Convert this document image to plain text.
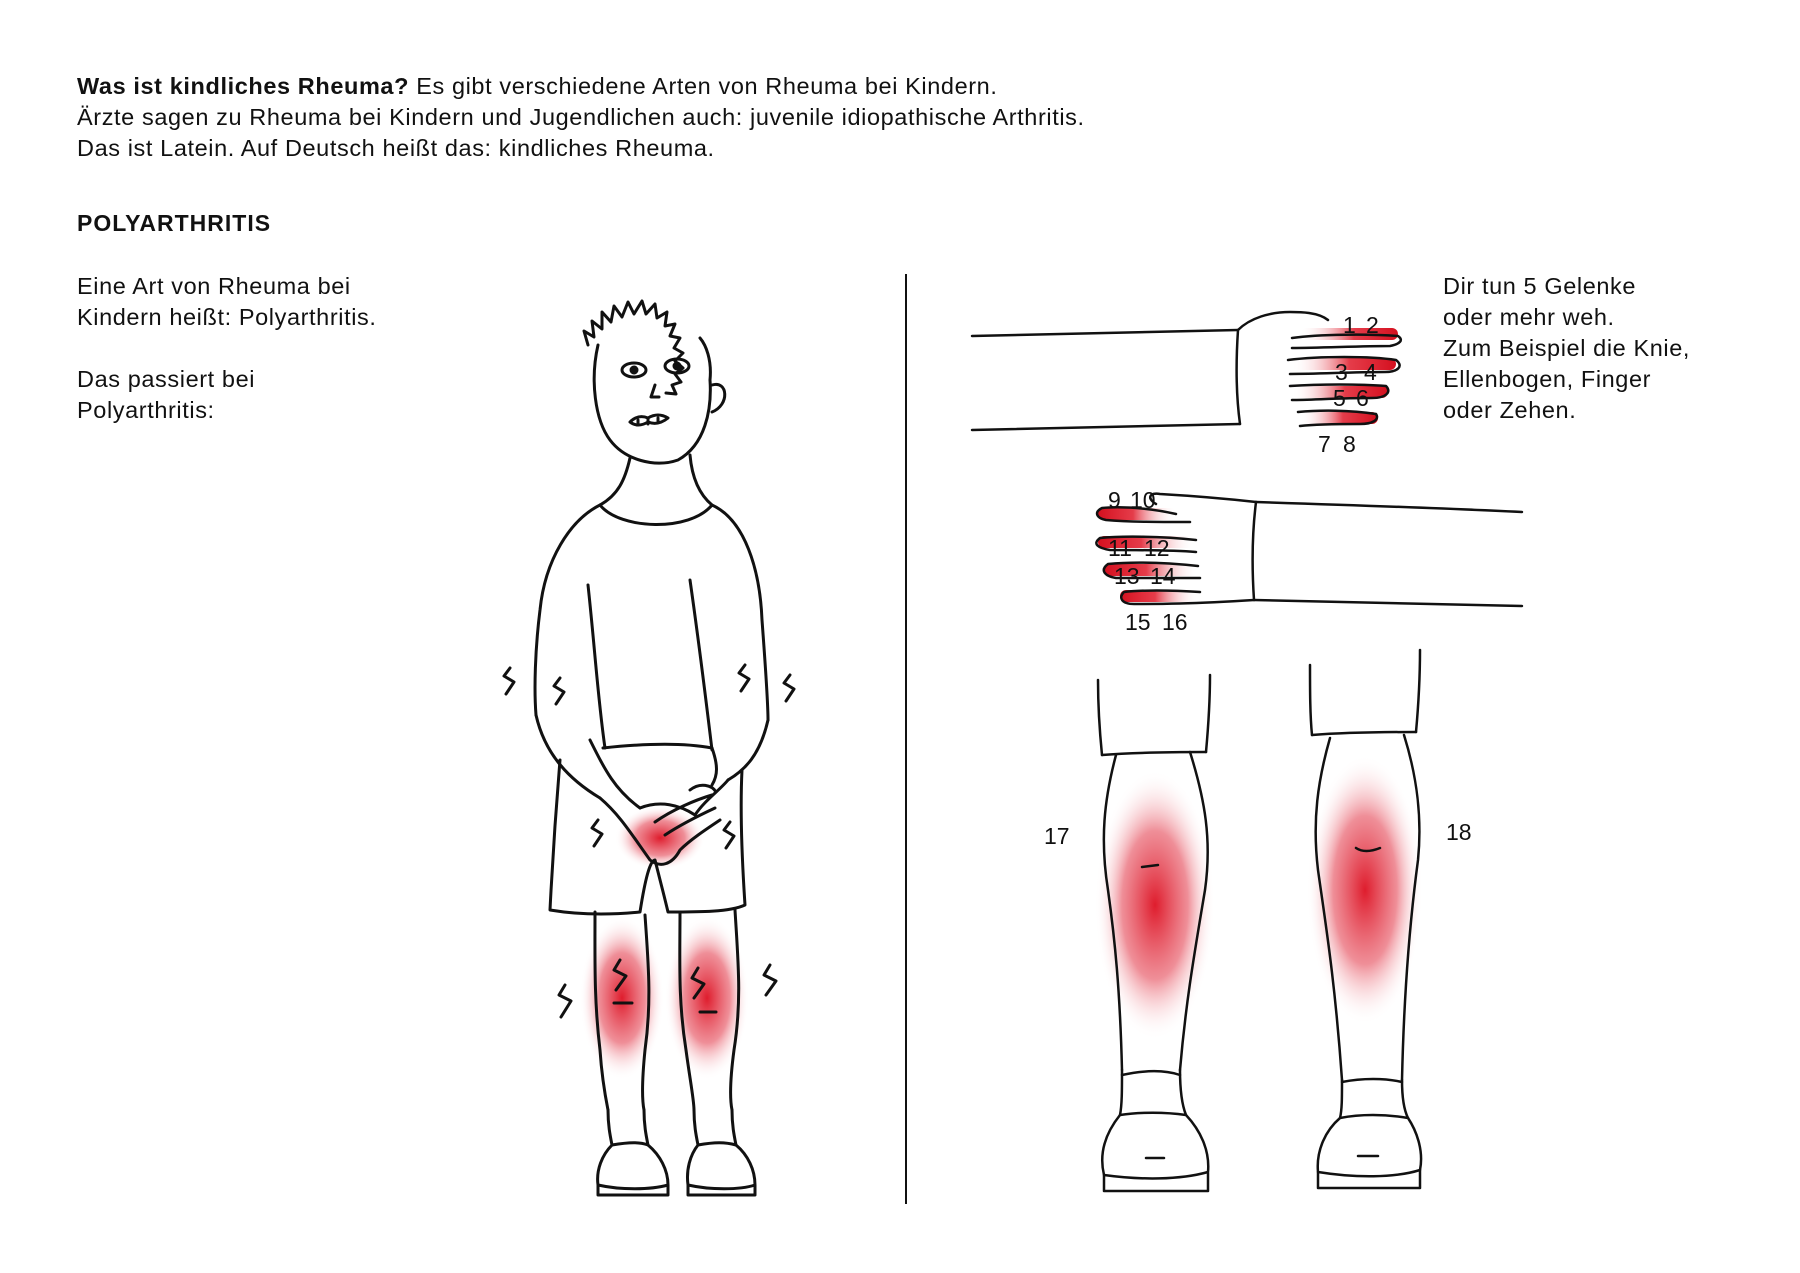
Was ist kindliches Rheuma? Es gibt verschiedene Arten von Rheuma bei Kindern.

Ärzte sagen zu Rheuma bei Kindern und Jugendlichen auch: juvenile idiopathische Arthritis.

Das ist Latein. Auf Deutsch heißt das: kindliches Rheuma.

POLYARTHRITIS

Eine Art von Rheuma bei
Kindern heißt: Polyarthritis.

Das passiert bei
Polyarthritis:

Dir tun 5 Gelenke

oder mehr weh.

Zum Beispiel die Knie,

Ellenbogen, Finger

oder Zehen.

1 2
3 4
5 6
7 8
9 10
11 12
13 14
15 16
17	18
